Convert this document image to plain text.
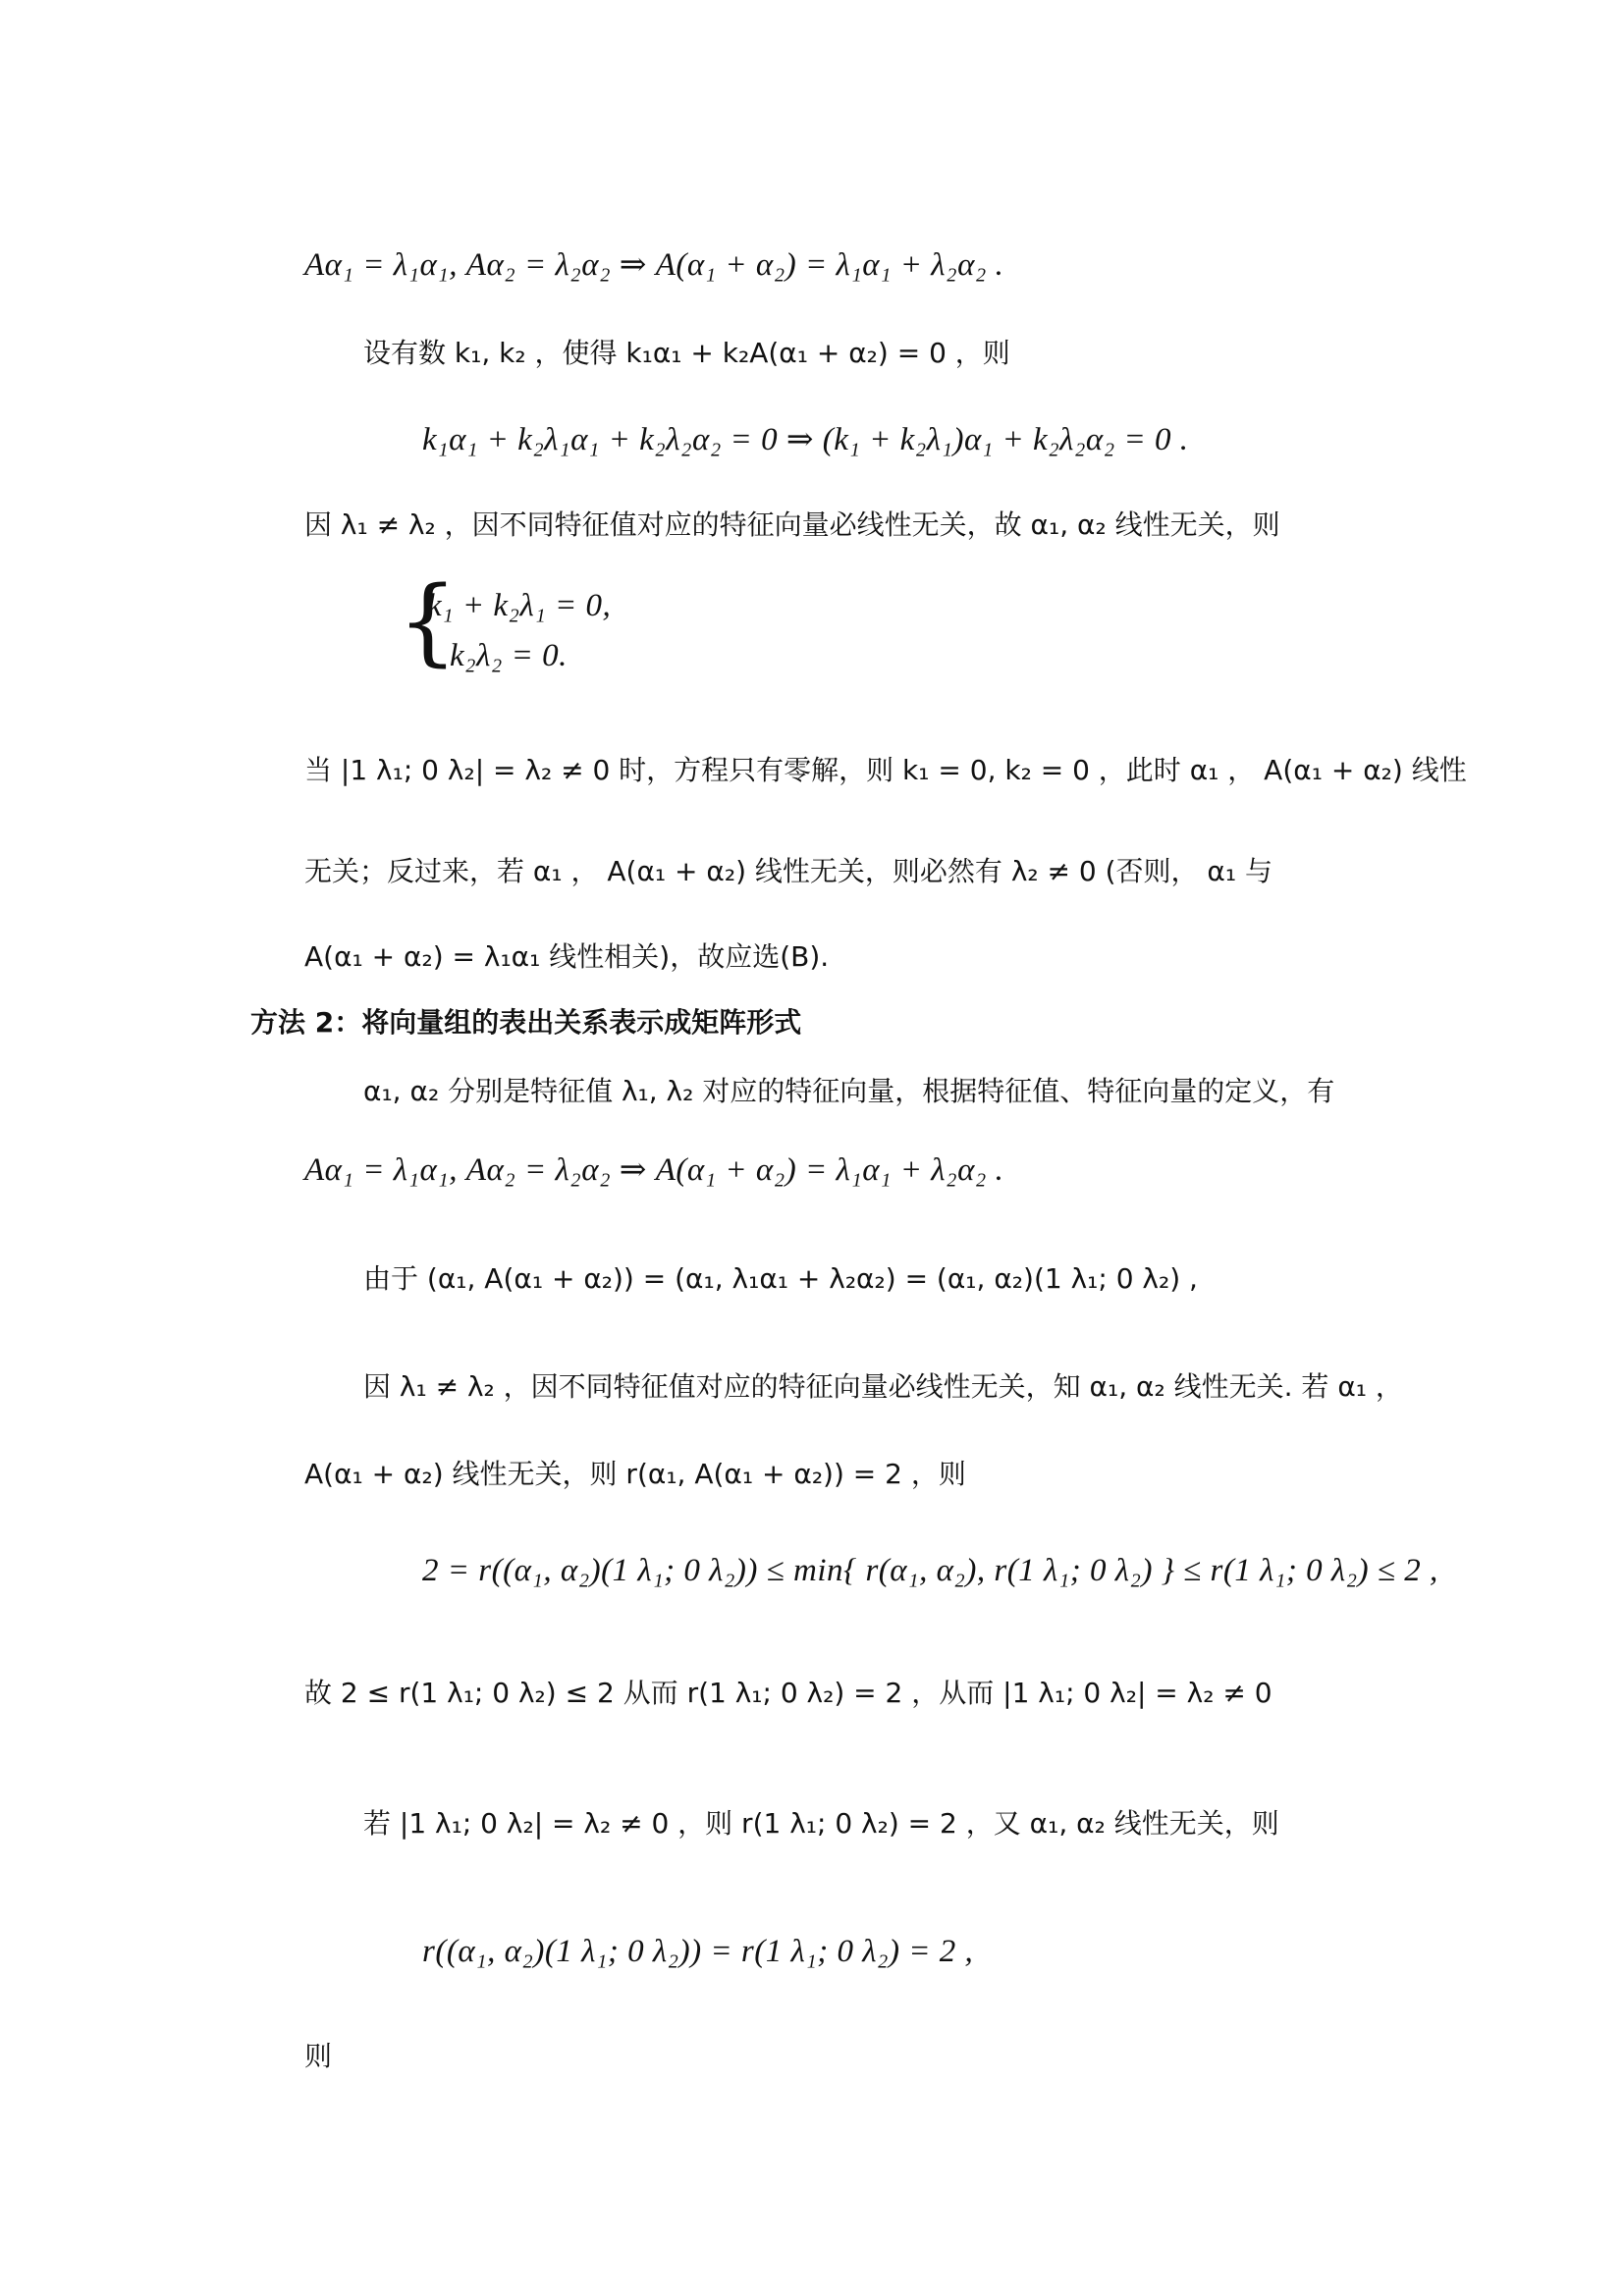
Aα₁ = λ₁α₁, Aα₂ = λ₂α₂ ⇒ A(α₁ + α₂) = λ₁α₁ + λ₂α₂ .
设有数 k₁, k₂ ，使得 k₁α₁ + k₂A(α₁ + α₂) = 0 ，则
k₁α₁ + k₂λ₁α₁ + k₂λ₂α₂ = 0 ⇒ (k₁ + k₂λ₁)α₁ + k₂λ₂α₂ = 0 .
因 λ₁ ≠ λ₂ ，因不同特征值对应的特征向量必线性无关，故 α₁, α₂ 线性无关，则
{
k₁ + k₂λ₁ = 0,
k₂λ₂ = 0.
当 |1 λ₁; 0 λ₂| = λ₂ ≠ 0 时，方程只有零解，则 k₁ = 0, k₂ = 0 ，此时 α₁ ， A(α₁ + α₂) 线性
无关；反过来，若 α₁ ， A(α₁ + α₂) 线性无关，则必然有 λ₂ ≠ 0 (否则， α₁ 与
A(α₁ + α₂) = λ₁α₁ 线性相关)，故应选(B).
方法 2：将向量组的表出关系表示成矩阵形式
α₁, α₂ 分别是特征值 λ₁, λ₂ 对应的特征向量，根据特征值、特征向量的定义，有
Aα₁ = λ₁α₁, Aα₂ = λ₂α₂ ⇒ A(α₁ + α₂) = λ₁α₁ + λ₂α₂ .
由于 (α₁, A(α₁ + α₂)) = (α₁, λ₁α₁ + λ₂α₂) = (α₁, α₂)(1 λ₁; 0 λ₂) ,
因 λ₁ ≠ λ₂ ，因不同特征值对应的特征向量必线性无关，知 α₁, α₂ 线性无关. 若 α₁ ，
A(α₁ + α₂) 线性无关，则 r(α₁, A(α₁ + α₂)) = 2 ，则
2 = r((α₁, α₂)(1 λ₁; 0 λ₂)) ≤ min{ r(α₁, α₂), r(1 λ₁; 0 λ₂) } ≤ r(1 λ₁; 0 λ₂) ≤ 2 ,
故 2 ≤ r(1 λ₁; 0 λ₂) ≤ 2 从而 r(1 λ₁; 0 λ₂) = 2 ，从而 |1 λ₁; 0 λ₂| = λ₂ ≠ 0
若 |1 λ₁; 0 λ₂| = λ₂ ≠ 0 ，则 r(1 λ₁; 0 λ₂) = 2 ，又 α₁, α₂ 线性无关，则
r((α₁, α₂)(1 λ₁; 0 λ₂)) = r(1 λ₁; 0 λ₂) = 2 ,
则
